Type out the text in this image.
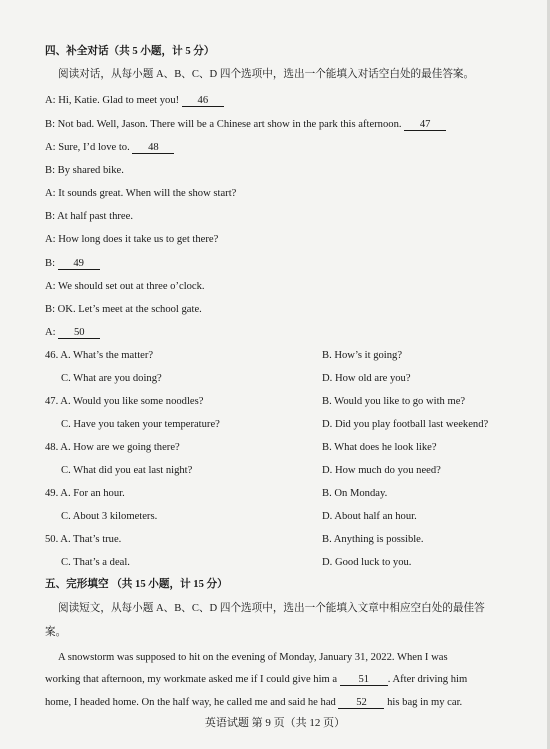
四、补全对话（共 5 小题，计 5 分）
阅读对话，从每小题 A、B、C、D 四个选项中，选出一个能填入对话空白处的最佳答案。
A: Hi, Katie. Glad to meet you! 46
B: Not bad. Well, Jason. There will be a Chinese art show in the park this afternoon. 47
A: Sure, I’d love to. 48
B: By shared bike.
A: It sounds great. When will the show start?
B: At half past three.
A: How long does it take us to get there?
B: 49
A: We should set out at three o’clock.
B: OK. Let’s meet at the school gate.
A: 50
46. A. What’s the matter?	B. How’s it going?
C. What are you doing?	D. How old are you?
47. A. Would you like some noodles?	B. Would you like to go with me?
C. Have you taken your temperature?	D. Did you play football last weekend?
48. A. How are we going there?	B. What does he look like?
C. What did you eat last night?	D. How much do you need?
49. A. For an hour.	B. On Monday.
C. About 3 kilometers.	D. About half an hour.
50. A. That’s true.	B. Anything is possible.
C. That’s a deal.	D. Good luck to you.
五、完形填空 （共 15 小题，计 15 分）
阅读短文，从每小题 A、B、C、D 四个选项中，选出一个能填入文章中相应空白处的最佳答
案。
A snowstorm was supposed to hit on the evening of Monday, January 31, 2022. When I was
working that afternoon, my workmate asked me if I could give him a 51 . After driving him
home, I headed home. On the half way, he called me and said he had 52 his bag in my car.
英语试题 第 9 页（共 12 页）
